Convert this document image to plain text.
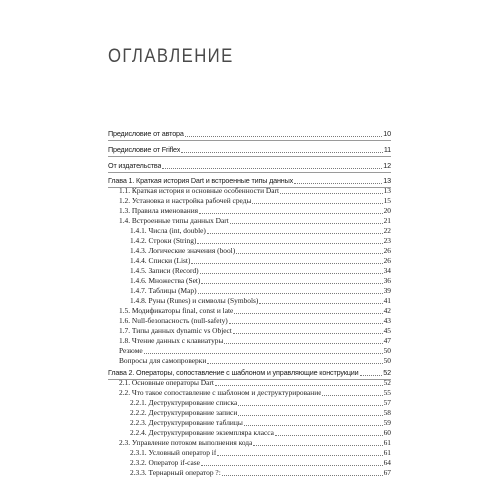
ОГЛАВЛЕНИЕ
Предисловие от автора	10
Предисловие от Friflex	11
От издательства	12
Глава 1. Краткая история Dart и встроенные типы данных	13
1.1. Краткая история и основные особенности Dart	13
1.2. Установка и настройка рабочей среды	15
1.3. Правила именования	20
1.4. Встроенные типы данных Dart	21
1.4.1. Числа (int, double)	22
1.4.2. Строки (String)	23
1.4.3. Логические значения (bool)	26
1.4.4. Списки (List)	26
1.4.5. Записи (Record)	34
1.4.6. Множества (Set)	36
1.4.7. Таблицы (Map)	39
1.4.8. Руны (Runes) и символы (Symbols)	41
1.5. Модификаторы final, const и late	42
1.6. Null-безопасность (null-safety)	43
1.7. Типы данных dynamic vs Object	45
1.8. Чтение данных с клавиатуры	47
Резюме	50
Вопросы для самопроверки	50
Глава 2. Операторы, сопоставление с шаблоном и управляющие конструкции	52
2.1. Основные операторы Dart	52
2.2. Что такое сопоставление с шаблоном и деструктурирование	55
2.2.1. Деструктурирование списка	57
2.2.2. Деструктурирование записи	58
2.2.3. Деструктурирование таблицы	59
2.2.4. Деструктурирование экземпляра класса	60
2.3. Управление потоком выполнения кода	61
2.3.1. Условный оператор if	61
2.3.2. Оператор if-case	64
2.3.3. Тернарный оператор ?:	67
